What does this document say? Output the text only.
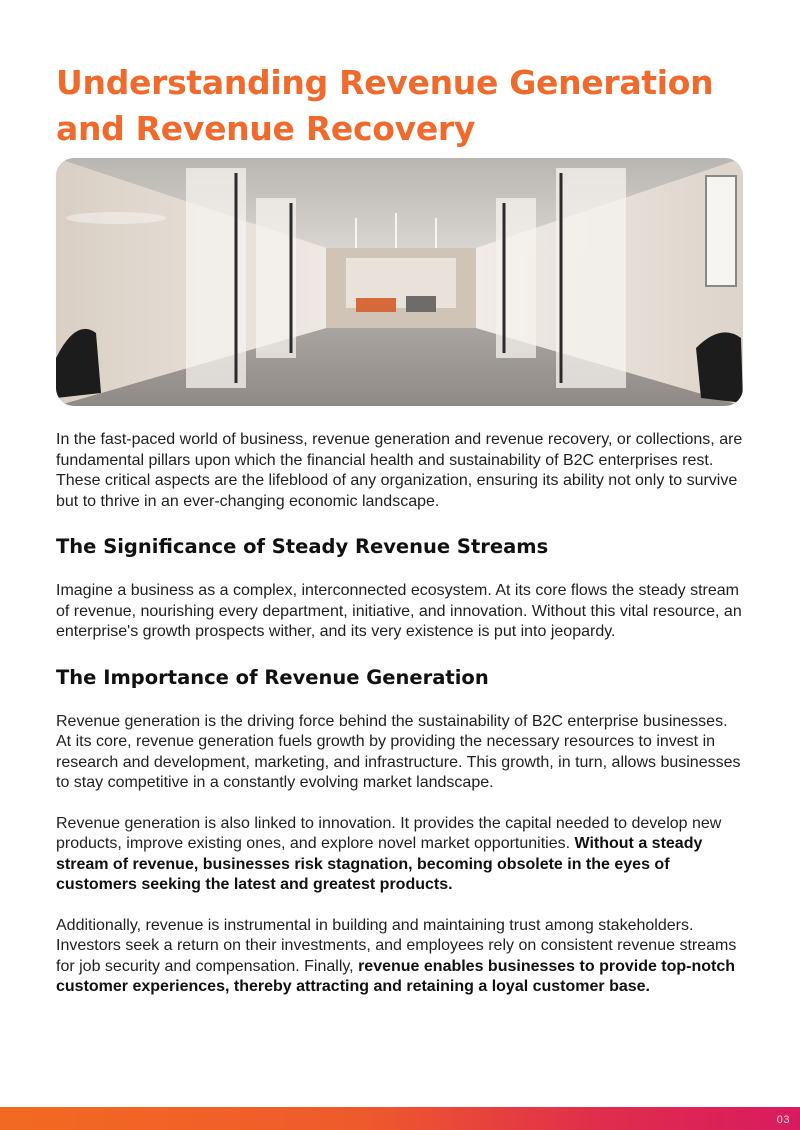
Understanding Revenue Generation and Revenue Recovery

In the fast-paced world of business, revenue generation and revenue recovery, or collections, are fundamental pillars upon which the financial health and sustainability of B2C enterprises rest. These critical aspects are the lifeblood of any organization, ensuring its ability not only to survive but to thrive in an ever-changing economic landscape.

The Significance of Steady Revenue Streams

Imagine a business as a complex, interconnected ecosystem. At its core flows the steady stream of revenue, nourishing every department, initiative, and innovation. Without this vital resource, an enterprise's growth prospects wither, and its very existence is put into jeopardy.

The Importance of Revenue Generation

Revenue generation is the driving force behind the sustainability of B2C enterprise businesses. At its core, revenue generation fuels growth by providing the necessary resources to invest in research and development, marketing, and infrastructure. This growth, in turn, allows businesses to stay competitive in a constantly evolving market landscape.

Revenue generation is also linked to innovation. It provides the capital needed to develop new products, improve existing ones, and explore novel market opportunities. Without a steady stream of revenue, businesses risk stagnation, becoming obsolete in the eyes of customers seeking the latest and greatest products.

Additionally, revenue is instrumental in building and maintaining trust among stakeholders. Investors seek a return on their investments, and employees rely on consistent revenue streams for job security and compensation. Finally, revenue enables businesses to provide top-notch customer experiences, thereby attracting and retaining a loyal customer base.

03
